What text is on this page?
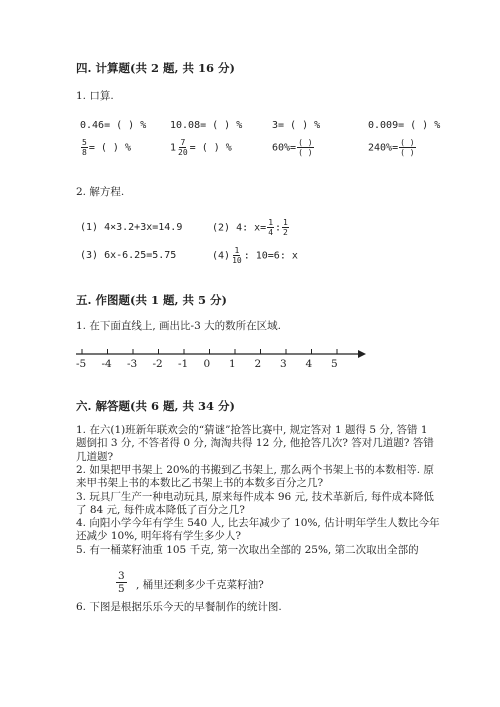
四. 计算题(共 2 题, 共 16 分)
1. 口算.
0.46= ( ) % 10.08= ( ) %	3= ( ) %	0.009= ( ) %
$\frac{5}{8}$ = ( ) %	$1 \frac{7}{20}$ = ( ) %	$60\%= \frac{( )}{( )}$	$240\%= \frac{( )}{( )}$
2. 解方程.
(1) 4×3.2+3x=14.9	(2) 4: $x= \frac{1}{4}$ : $\frac{1}{2}$
(3) 6x-6.25=5.75	$(4) \frac{1}{10}$ : 10=6: x
五. 作图题(共 1 题, 共 5 分)
1. 在下面直线上, 画出比-3 大的数所在区域.
-5 -4 -3 -2 -1 0 1 2 3 4 5
六. 解答题(共 6 题, 共 34 分)
1. 在六(1)班新年联欢会的“猜谜”抢答比赛中, 规定答对 1 题得 5 分, 答错 1
题倒扣 3 分, 不答者得 0 分, 淘淘共得 12 分, 他抢答几次? 答对几道题? 答错
几道题?
2. 如果把甲书架上 20%的书搬到乙书架上, 那么两个书架上书的本数相等. 原
来甲书架上书的本数比乙书架上书的本数多百分之几?
3. 玩具厂生产一种电动玩具, 原来每件成本 96 元, 技术革新后, 每件成本降低
了 84 元, 每件成本降低了百分之几?
4. 向阳小学今年有学生 540 人, 比去年减少了 10%, 估计明年学生人数比今年
还减少 10%, 明年将有学生多少人?
5. 有一桶菜籽油重 105 千克, 第一次取出全部的 25%, 第二次取出全部的
$\frac{3}{5}$ , 桶里还剩多少千克菜籽油?
6. 下图是根据乐乐今天的早餐制作的统计图.
